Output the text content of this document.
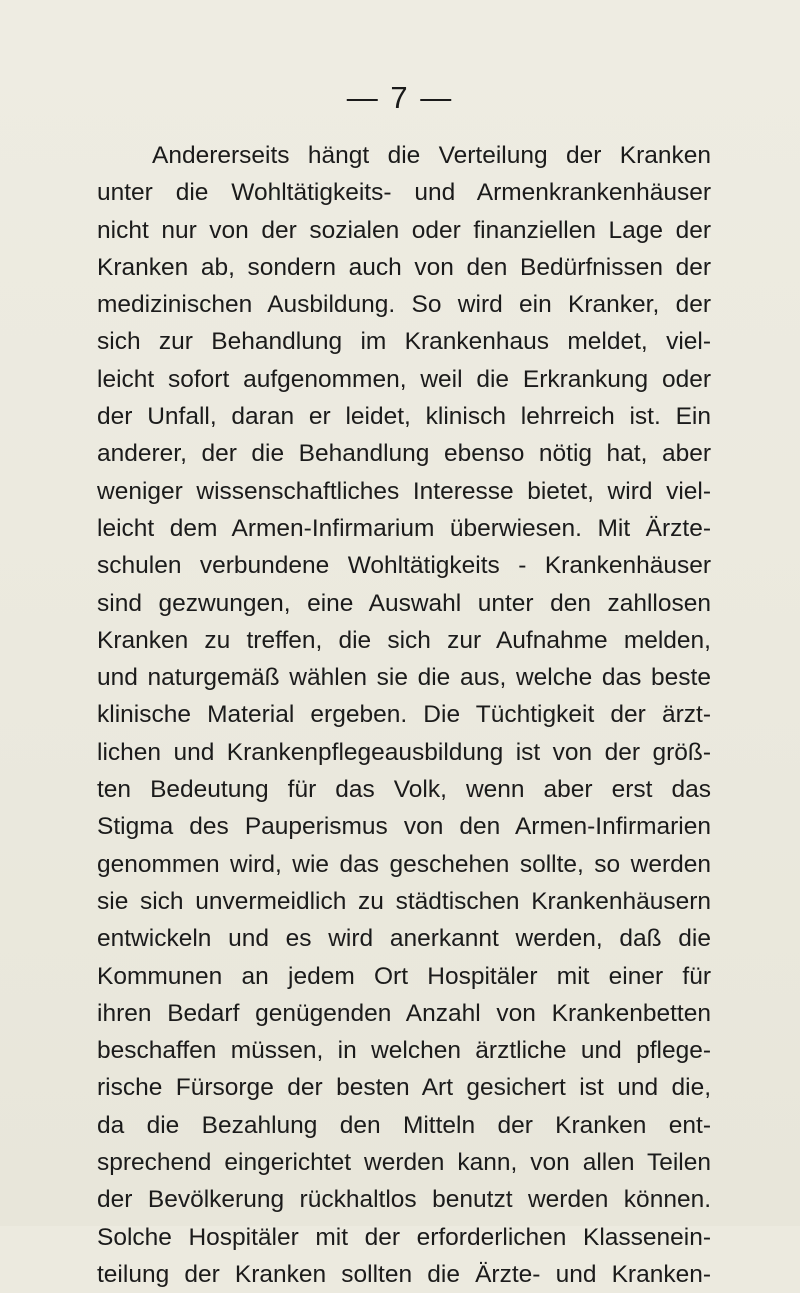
— 7 —
Andererseits hängt die Verteilung der Kranken
unter die Wohltätigkeits- und Armenkrankenhäuser
nicht nur von der sozialen oder finanziellen Lage der
Kranken ab, sondern auch von den Bedürfnissen der
medizinischen Ausbildung. So wird ein Kranker, der
sich zur Behandlung im Krankenhaus meldet, viel-
leicht sofort aufgenommen, weil die Erkrankung oder
der Unfall, daran er leidet, klinisch lehrreich ist. Ein
anderer, der die Behandlung ebenso nötig hat, aber
weniger wissenschaftliches Interesse bietet, wird viel-
leicht dem Armen-Infirmarium überwiesen. Mit Ärzte-
schulen verbundene Wohltätigkeits - Krankenhäuser
sind gezwungen, eine Auswahl unter den zahllosen
Kranken zu treffen, die sich zur Aufnahme melden,
und naturgemäß wählen sie die aus, welche das beste
klinische Material ergeben. Die Tüchtigkeit der ärzt-
lichen und Krankenpflegeausbildung ist von der größ-
ten Bedeutung für das Volk, wenn aber erst das
Stigma des Pauperismus von den Armen-Infirmarien
genommen wird, wie das geschehen sollte, so werden
sie sich unvermeidlich zu städtischen Krankenhäusern
entwickeln und es wird anerkannt werden, daß die
Kommunen an jedem Ort Hospitäler mit einer für
ihren Bedarf genügenden Anzahl von Krankenbetten
beschaffen müssen, in welchen ärztliche und pflege-
rische Fürsorge der besten Art gesichert ist und die,
da die Bezahlung den Mitteln der Kranken ent-
sprechend eingerichtet werden kann, von allen Teilen
der Bevölkerung rückhaltlos benutzt werden können.
Solche Hospitäler mit der erforderlichen Klassenein-
teilung der Kranken sollten die Ärzte- und Kranken-
